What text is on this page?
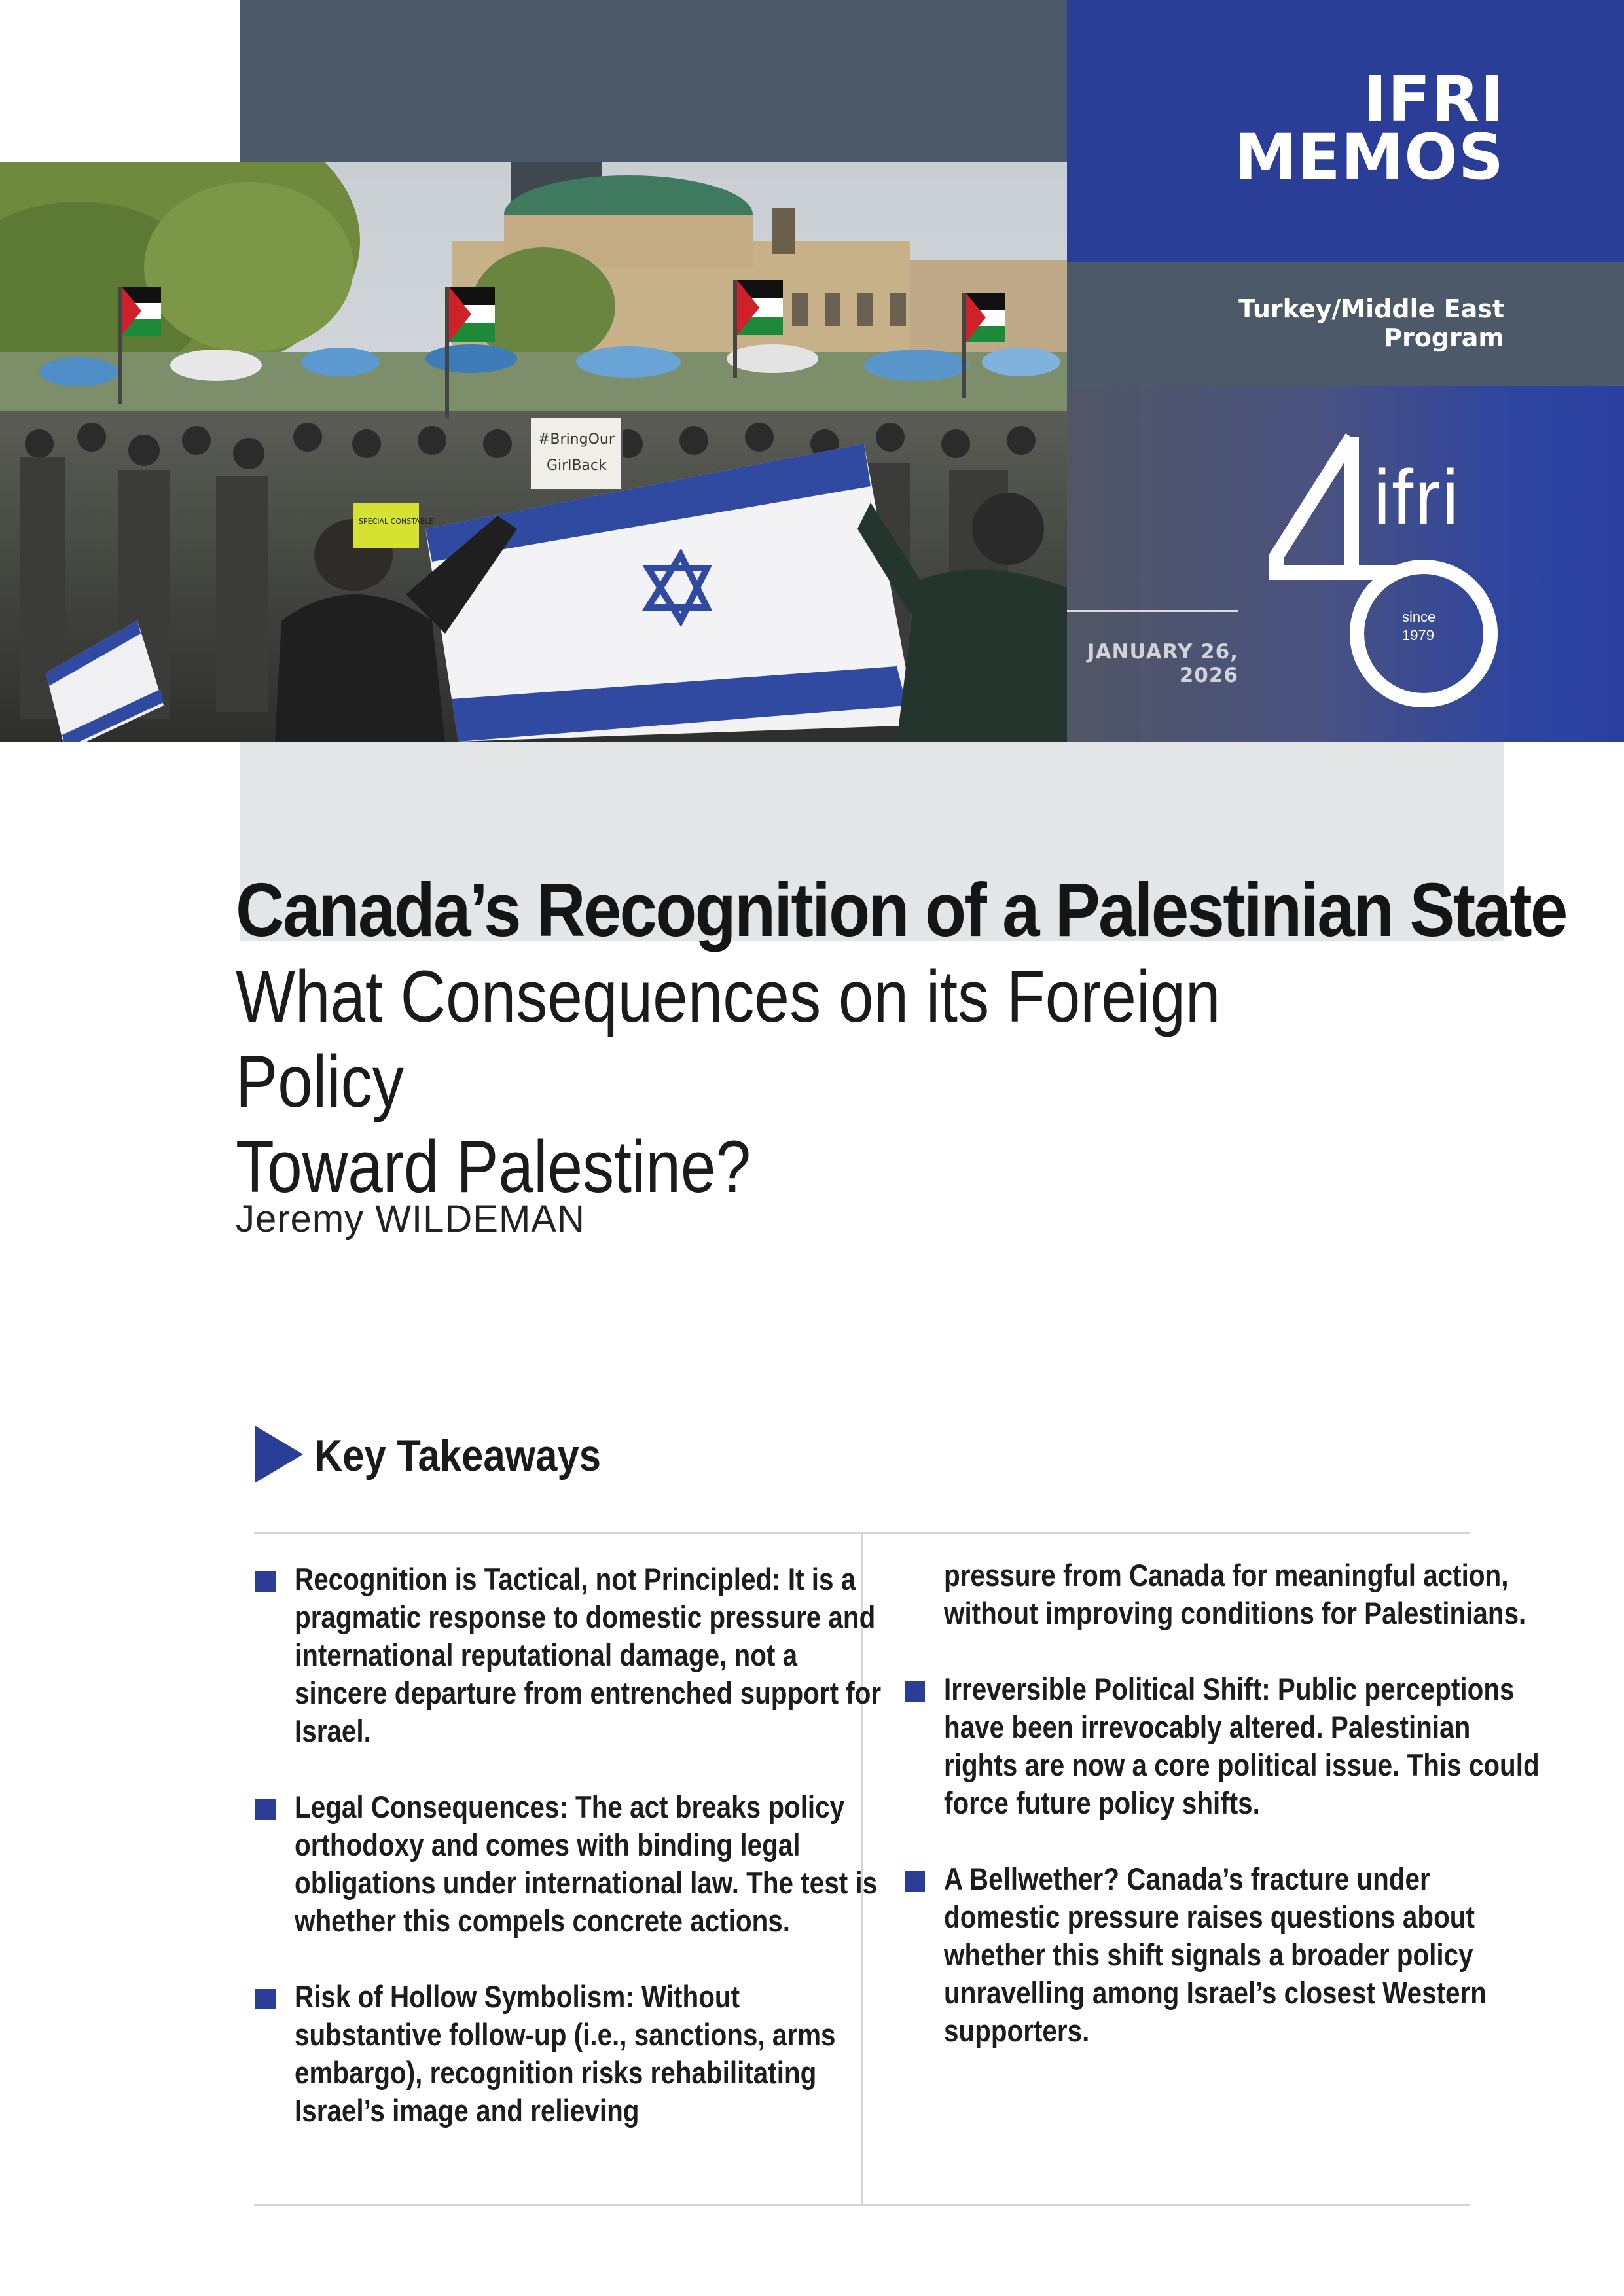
IFRI
MEMOS
Turkey/Middle East
Program
JANUARY 26,
2026
ifri
since
1979
#BringOur
GirlBack
SPECIAL CONSTABLE
Canada’s Recognition of a Palestinian State
What Consequences on its Foreign Policy
Toward Palestine?
Jeremy WILDEMAN
Key Takeaways

Recognition is Tactical, not Principled: It is a pragmatic response to domestic pressure and international reputational damage, not a sincere departure from entrenched support for Israel.

Legal Consequences: The act breaks policy orthodoxy and comes with binding legal obligations under international law. The test is whether this compels concrete actions.

Risk of Hollow Symbolism: Without substantive follow-up (i.e., sanctions, arms embargo), recognition risks rehabilitating Israel’s image and relieving

pressure from Canada for meaningful action, without improving conditions for Palestinians.

Irreversible Political Shift: Public perceptions have been irrevocably altered. Palestinian rights are now a core political issue. This could force future policy shifts.

A Bellwether? Canada’s fracture under domestic pressure raises questions about whether this shift signals a broader policy unravelling among Israel’s closest Western supporters.
